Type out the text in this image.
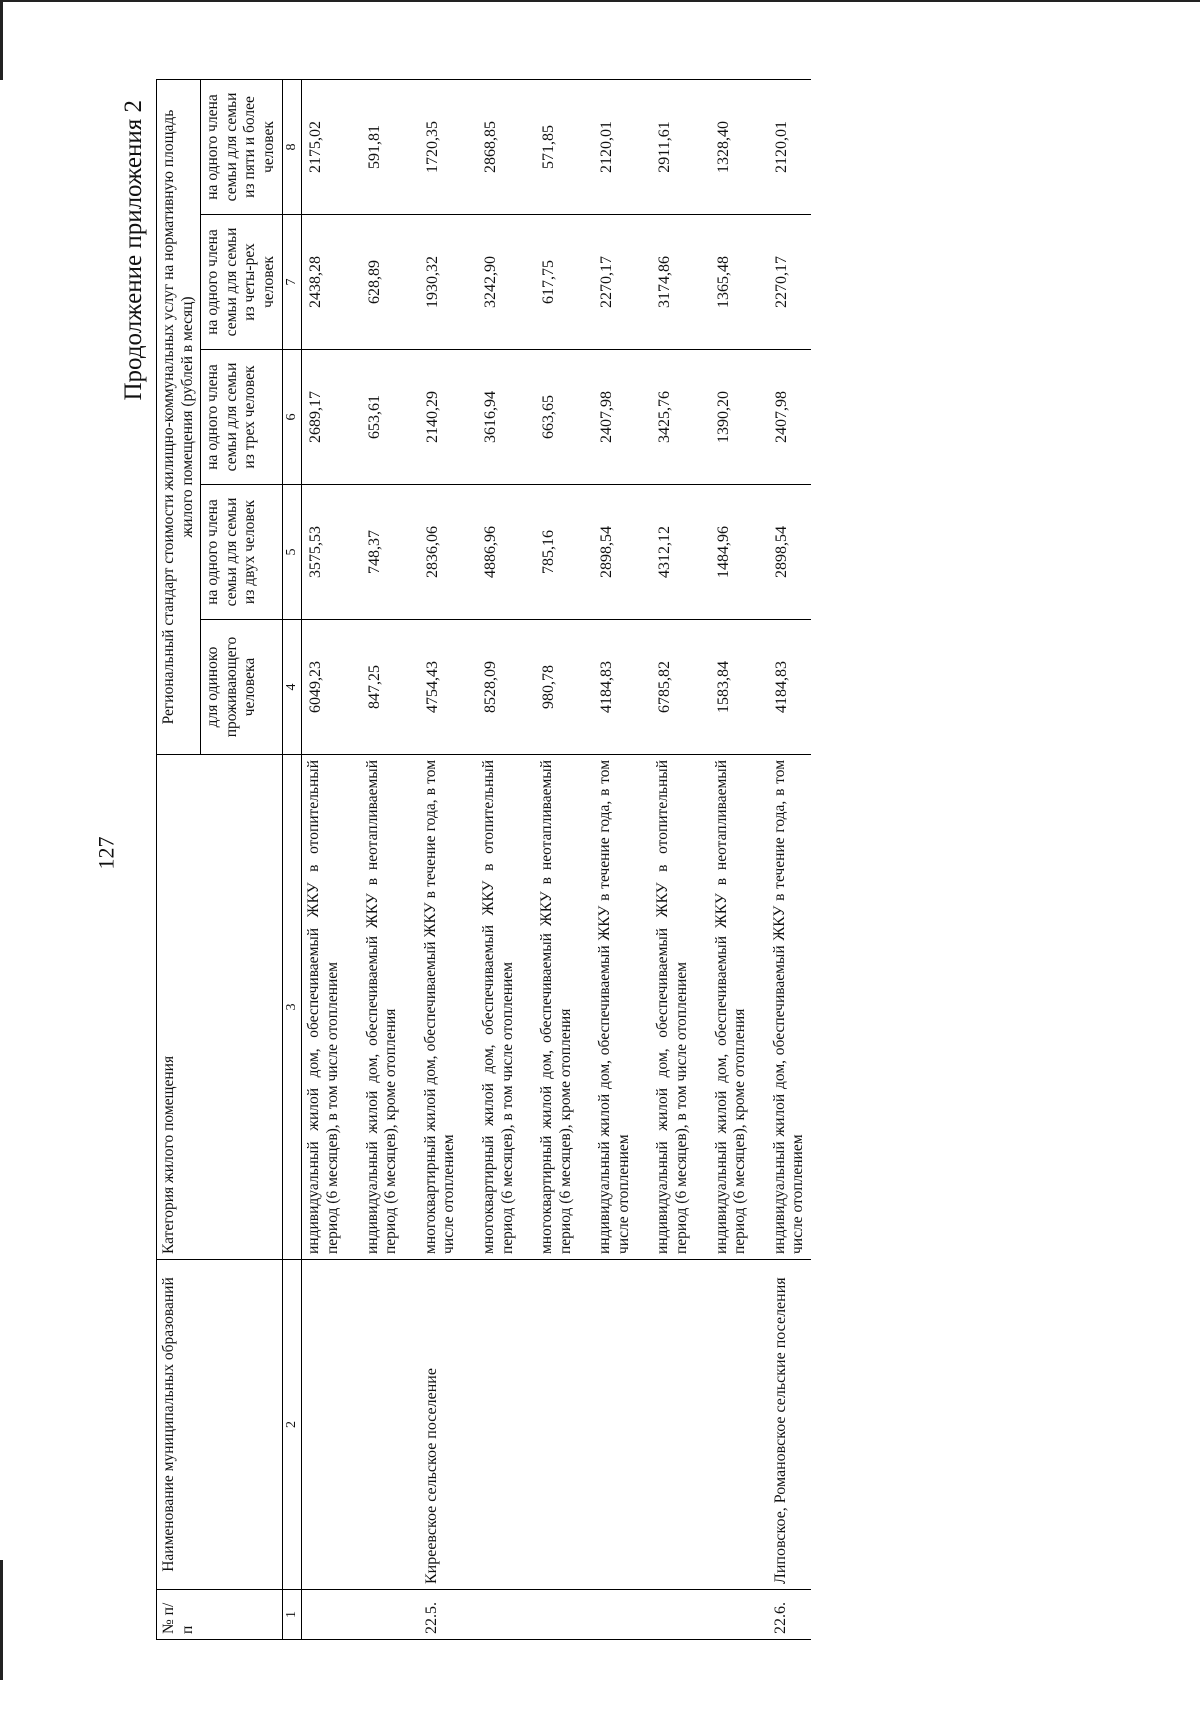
127
Продолжение приложения 2
№ п/п	Наименование муниципальных образований	Категория жилого помещения	Региональный стандарт стоимости жилищно-коммунальных услуг на нормативную площадь жилого помещения (рублей в месяц)				
			для одиноко проживающего человека	на одного члена семьи для семьи из двух человек	на одного члена семьи для семьи из трех человек	на одного члена семьи для семьи из четы-рех человек	на одного члена семьи для семьи из пяти и более человек
1	2	3	4	5	6	7	8
		индивидуальный жилой дом, обеспечиваемый ЖКУ в отопительный период (6 месяцев), в том числе отоплением	6049,23	3575,53	2689,17	2438,28	2175,02
		индивидуальный жилой дом, обеспечиваемый ЖКУ в неотапливаемый период (6 месяцев), кроме отопления	847,25	748,37	653,61	628,89	591,81
22.5.	Киреевское сельское поселение	многоквартирный жилой дом, обеспечиваемый ЖКУ в течение года, в том числе отоплением	4754,43	2836,06	2140,29	1930,32	1720,35
		многоквартирный жилой дом, обеспечиваемый ЖКУ в отопительный период (6 месяцев), в том числе отоплением	8528,09	4886,96	3616,94	3242,90	2868,85
		многоквартирный жилой дом, обеспечиваемый ЖКУ в неотапливаемый период (6 месяцев), кроме отопления	980,78	785,16	663,65	617,75	571,85
		индивидуальный жилой дом, обеспечиваемый ЖКУ в течение года, в том числе отоплением	4184,83	2898,54	2407,98	2270,17	2120,01
		индивидуальный жилой дом, обеспечиваемый ЖКУ в отопительный период (6 месяцев), в том числе отоплением	6785,82	4312,12	3425,76	3174,86	2911,61
		индивидуальный жилой дом, обеспечиваемый ЖКУ в неотапливаемый период (6 месяцев), кроме отопления	1583,84	1484,96	1390,20	1365,48	1328,40
22.6.	Липовское, Романовское сельские поселения	индивидуальный жилой дом, обеспечиваемый ЖКУ в течение года, в том числе отоплением	4184,83	2898,54	2407,98	2270,17	2120,01
